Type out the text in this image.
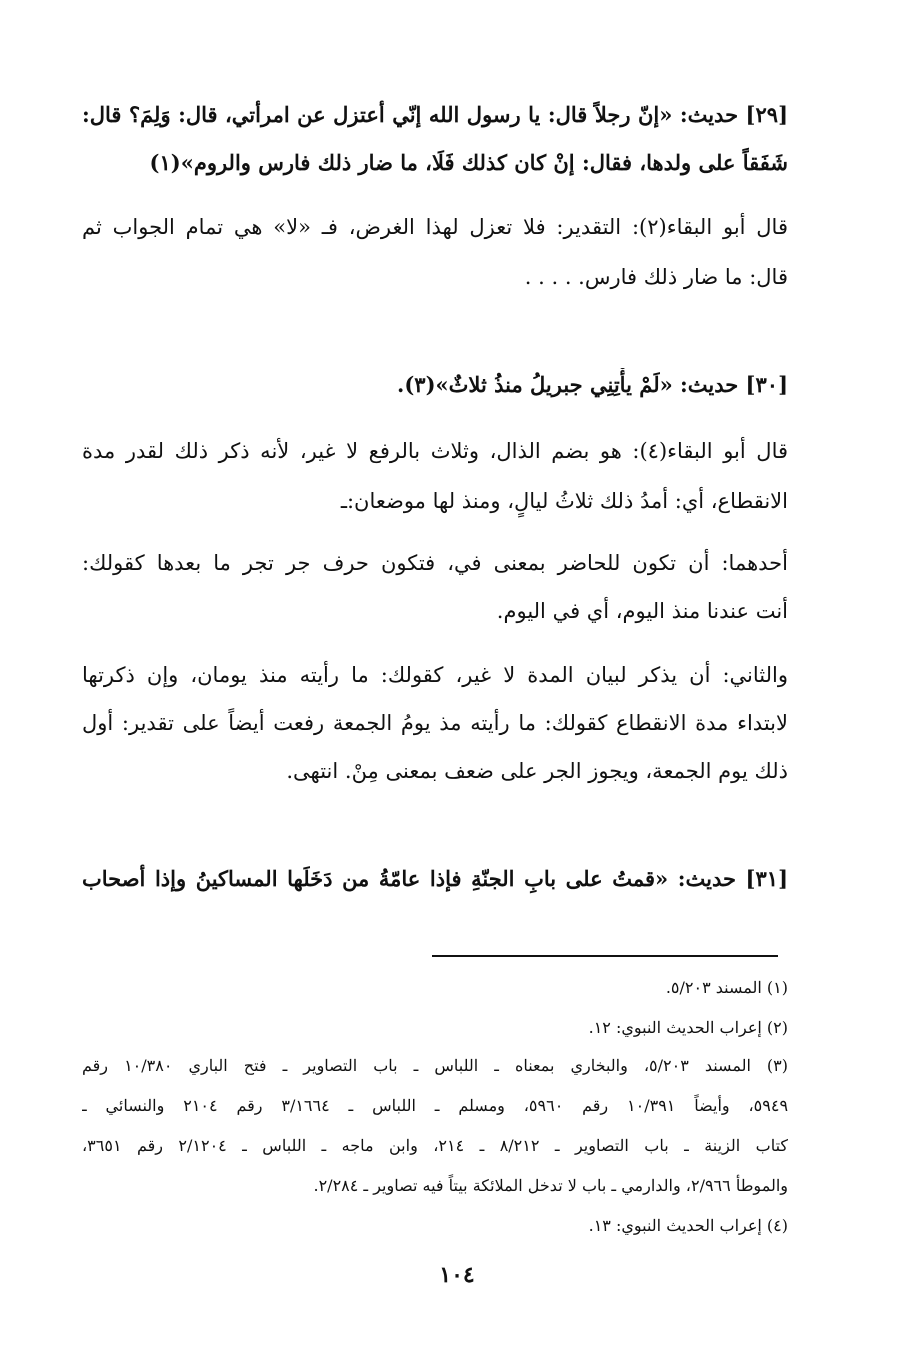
[٢٩] حديث: «إنّ رجلاً قال: يا رسول الله إنّي أعتزل عن امرأتي، قال: وَلِمَ؟ قال:
شَفَقاً على ولدها، فقال: إنْ كان كذلك فَلَا، ما ضار ذلك فارس والروم»(١)
قال أبو البقاء(٢): التقدير: فلا تعزل لهذا الغرض، فـ «لا» هي تمام الجواب ثم
قال: ما ضار ذلك فارس. . . . .
[٣٠] حديث: «لَمْ يأْتِنِي جبريلُ منذُ ثلاثٌ»(٣).
قال أبو البقاء(٤): هو بضم الذال، وثلاث بالرفع لا غير، لأنه ذكر ذلك لقدر مدة
الانقطاع، أي: أمدُ ذلك ثلاثُ ليالٍ، ومنذ لها موضعان:ـ
أحدهما: أن تكون للحاضر بمعنى في، فتكون حرف جر تجر ما بعدها كقولك:
أنت عندنا منذ اليوم، أي في اليوم.
والثاني: أن يذكر لبيان المدة لا غير، كقولك: ما رأيته منذ يومان، وإن ذكرتها
لابتداء مدة الانقطاع كقولك: ما رأيته مذ يومُ الجمعة رفعت أيضاً على تقدير: أول
ذلك يوم الجمعة، ويجوز الجر على ضعف بمعنى مِنْ. انتهى.
[٣١] حديث: «قمتُ على بابِ الجنّةِ فإذا عامّةُ من دَخَلَها المساكينُ وإذا أصحاب
(١) المسند ٥/٢٠٣.
(٢) إعراب الحديث النبوي: ١٢.
(٣) المسند ٥/٢٠٣، والبخاري بمعناه ـ اللباس ـ باب التصاوير ـ فتح الباري ١٠/٣٨٠ رقم
٥٩٤٩، وأيضاً ١٠/٣٩١ رقم ٥٩٦٠، ومسلم ـ اللباس ـ ٣/١٦٦٤ رقم ٢١٠٤ والنسائي ـ
كتاب الزينة ـ باب التصاوير ـ ٨/٢١٢ ـ ٢١٤، وابن ماجه ـ اللباس ـ ٢/١٢٠٤ رقم ٣٦٥١،
والموطأ ٢/٩٦٦، والدارمي ـ باب لا تدخل الملائكة بيتاً فيه تصاوير ـ ٢/٢٨٤.
(٤) إعراب الحديث النبوي: ١٣.
١٠٤
